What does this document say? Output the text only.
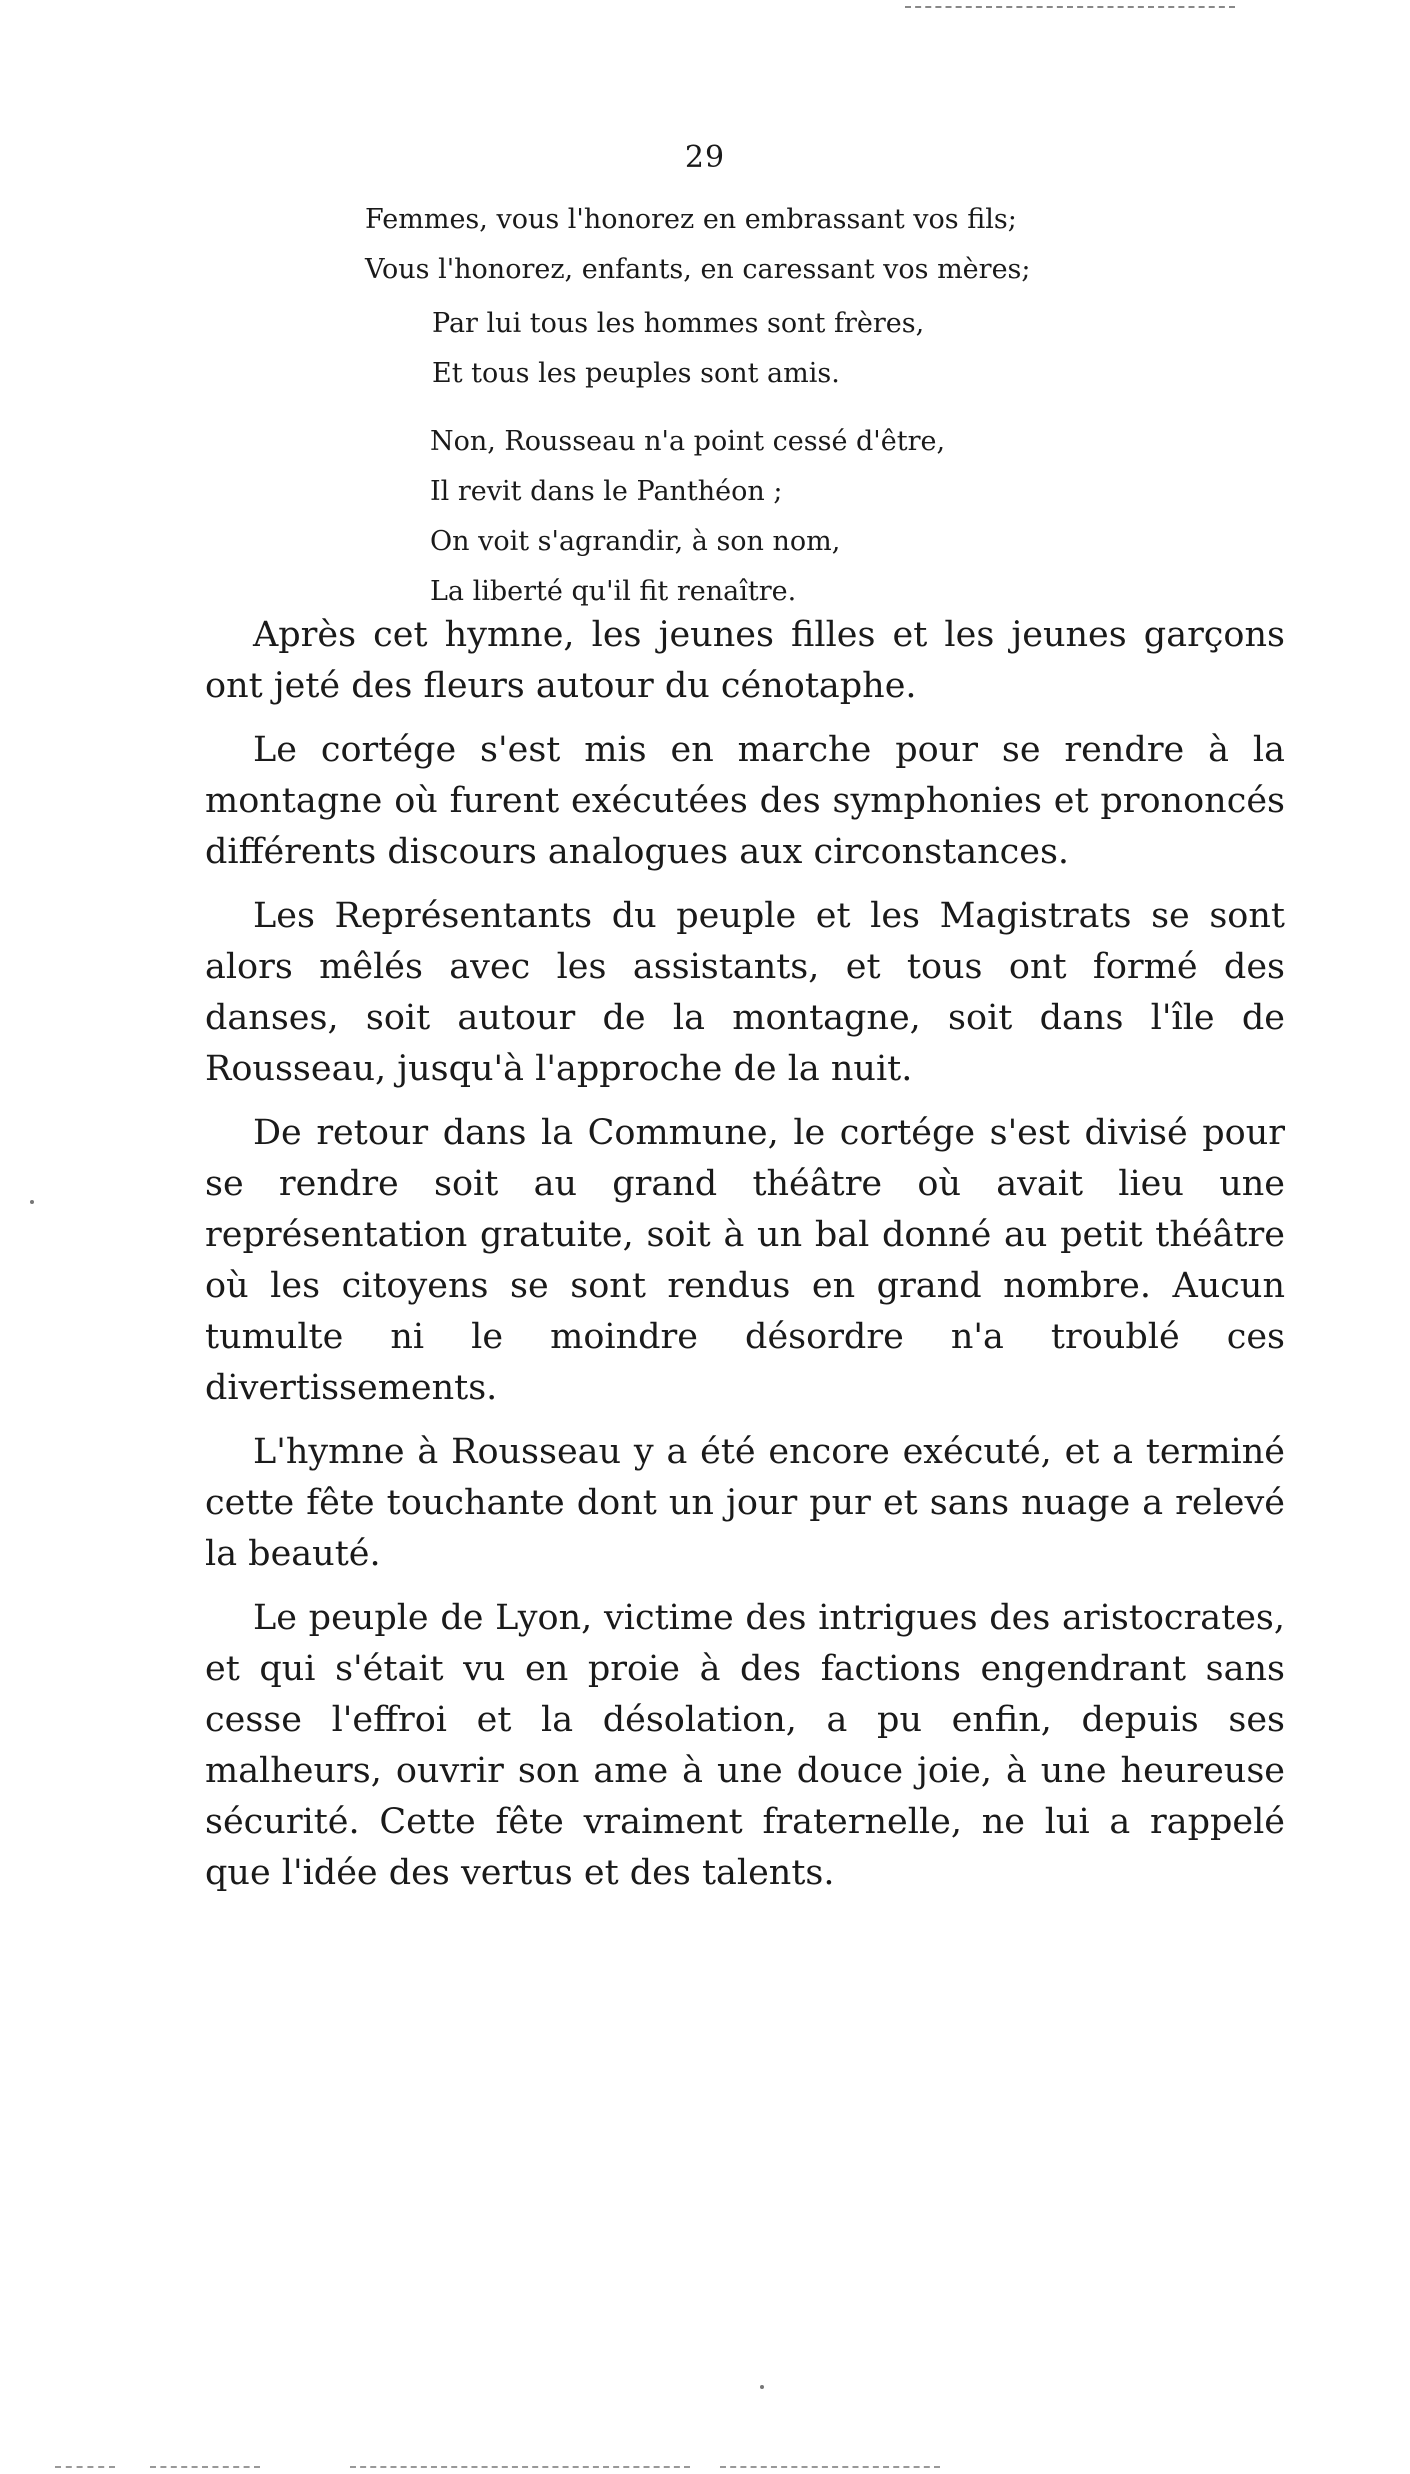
29
Femmes, vous l'honorez en embrassant vos fils;
Vous l'honorez, enfants, en caressant vos mères;
Par lui tous les hommes sont frères,
Et tous les peuples sont amis.
Non, Rousseau n'a point cessé d'être,
Il revit dans le Panthéon ;
On voit s'agrandir, à son nom,
La liberté qu'il fit renaître.

Après cet hymne, les jeunes filles et les jeunes garçons ont jeté des fleurs autour du cénotaphe.

Le cortége s'est mis en marche pour se rendre à la montagne où furent exécutées des symphonies et prononcés différents discours analogues aux circonstances.

Les Représentants du peuple et les Magistrats se sont alors mêlés avec les assistants, et tous ont formé des danses, soit autour de la montagne, soit dans l'île de Rousseau, jusqu'à l'approche de la nuit.

De retour dans la Commune, le cortége s'est divisé pour se rendre soit au grand théâtre où avait lieu une représentation gratuite, soit à un bal donné au petit théâtre où les citoyens se sont rendus en grand nombre. Aucun tumulte ni le moindre désordre n'a troublé ces divertissements.

L'hymne à Rousseau y a été encore exécuté, et a terminé cette fête touchante dont un jour pur et sans nuage a relevé la beauté.

Le peuple de Lyon, victime des intrigues des aristocrates, et qui s'était vu en proie à des factions engendrant sans cesse l'effroi et la désolation, a pu enfin, depuis ses malheurs, ouvrir son ame à une douce joie, à une heureuse sécurité. Cette fête vraiment fraternelle, ne lui a rappelé que l'idée des vertus et des talents.
